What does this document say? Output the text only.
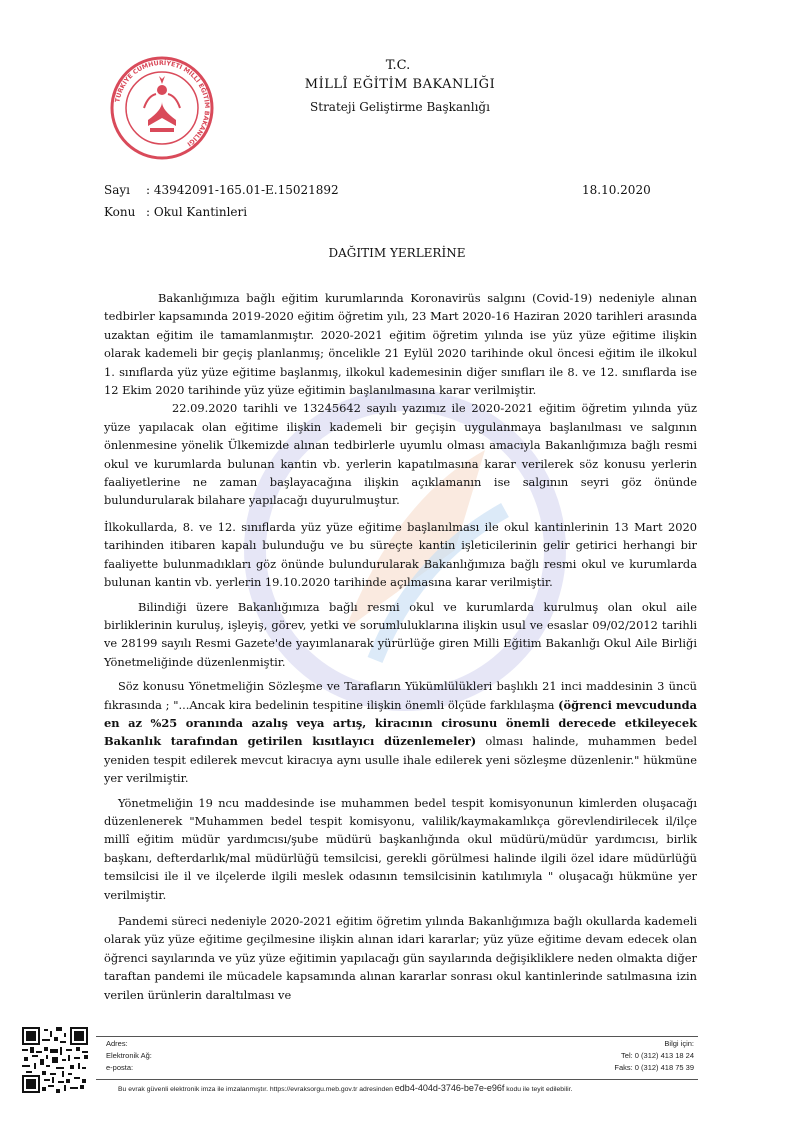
TÜRKİYE CUMHURİYETİ MİLLÎ EĞİTİM BAKANLIĞI
T.C.
MİLLÎ EĞİTİM BAKANLIĞI
Strateji Geliştirme Başkanlığı
Sayı : 43942091-165.01-E.15021892	18.10.2020
Konu : Okul Kantinleri
DAĞITIM YERLERİNE

Bakanlığımıza bağlı eğitim kurumlarında Koronavirüs salgını (Covid-19) nedeniyle alınan tedbirler kapsamında 2019-2020 eğitim öğretim yılı, 23 Mart 2020-16 Haziran 2020 tarihleri arasında uzaktan eğitim ile tamamlanmıştır. 2020-2021 eğitim öğretim yılında ise yüz yüze eğitime ilişkin olarak kademeli bir geçiş planlanmış; öncelikle 21 Eylül 2020 tarihinde okul öncesi eğitim ile ilkokul 1. sınıflarda yüz yüze eğitime başlanmış, ilkokul kademesinin diğer sınıfları ile 8. ve 12. sınıflarda ise 12 Ekim 2020 tarihinde yüz yüze eğitimin başlanılmasına karar verilmiştir.

22.09.2020 tarihli ve 13245642 sayılı yazımız ile 2020-2021 eğitim öğretim yılında yüz yüze yapılacak olan eğitime ilişkin kademeli bir geçişin uygulanmaya başlanılması ve salgının önlenmesine yönelik Ülkemizde alınan tedbirlerle uyumlu olması amacıyla Bakanlığımıza bağlı resmi okul ve kurumlarda bulunan kantin vb. yerlerin kapatılmasına karar verilerek söz konusu yerlerin faaliyetlerine ne zaman başlayacağına ilişkin açıklamanın ise salgının seyri göz önünde bulundurularak bilahare yapılacağı duyurulmuştur.

İlkokullarda, 8. ve 12. sınıflarda yüz yüze eğitime başlanılması ile okul kantinlerinin 13 Mart 2020 tarihinden itibaren kapalı bulunduğu ve bu süreçte kantin işleticilerinin gelir getirici herhangi bir faaliyette bulunmadıkları göz önünde bulundurularak Bakanlığımıza bağlı resmi okul ve kurumlarda bulunan kantin vb. yerlerin 19.10.2020 tarihinde açılmasına karar verilmiştir.

Bilindiği üzere Bakanlığımıza bağlı resmi okul ve kurumlarda kurulmuş olan okul aile birliklerinin kuruluş, işleyiş, görev, yetki ve sorumluluklarına ilişkin usul ve esaslar 09/02/2012 tarihli ve 28199 sayılı Resmi Gazete'de yayımlanarak yürürlüğe giren Milli Eğitim Bakanlığı Okul Aile Birliği Yönetmeliğinde düzenlenmiştir.

Söz konusu Yönetmeliğin Sözleşme ve Tarafların Yükümlülükleri başlıklı 21 inci maddesinin 3 üncü fıkrasında ; "...Ancak kira bedelinin tespitine ilişkin önemli ölçüde farklılaşma (öğrenci mevcudunda en az %25 oranında azalış veya artış, kiracının cirosunu önemli derecede etkileyecek Bakanlık tarafından getirilen kısıtlayıcı düzenlemeler) olması halinde, muhammen bedel yeniden tespit edilerek mevcut kiracıya aynı usulle ihale edilerek yeni sözleşme düzenlenir." hükmüne yer verilmiştir.

Yönetmeliğin 19 ncu maddesinde ise muhammen bedel tespit komisyonunun kimlerden oluşacağı düzenlenerek "Muhammen bedel tespit komisyonu, valilik/kaymakamlıkça görevlendirilecek il/ilçe millî eğitim müdür yardımcısı/şube müdürü başkanlığında okul müdürü/müdür yardımcısı, birlik başkanı, defterdarlık/mal müdürlüğü temsilcisi, gerekli görülmesi halinde ilgili özel idare müdürlüğü temsilcisi ile il ve ilçelerde ilgili meslek odasının temsilcisinin katılımıyla " oluşacağı hükmüne yer verilmiştir.

Pandemi süreci nedeniyle 2020-2021 eğitim öğretim yılında Bakanlığımıza bağlı okullarda kademeli olarak yüz yüze eğitime geçilmesine ilişkin alınan idari kararlar; yüz yüze eğitime devam edecek olan öğrenci sayılarında ve yüz yüze eğitimin yapılacağı gün sayılarında değişikliklere neden olmakta diğer taraftan pandemi ile mücadele kapsamında alınan kararlar sonrası okul kantinlerinde satılmasına izin verilen ürünlerin daraltılması ve

Adres:
Elektronik Ağ:
e-posta:
Bilgi için:
Tel: 0 (312) 413 18 24
Faks: 0 (312) 418 75 39
Bu evrak güvenli elektronik imza ile imzalanmıştır. https://evraksorgu.meb.gov.tr adresinden edb4-404d-3746-be7e-e96f kodu ile teyit edilebilir.
